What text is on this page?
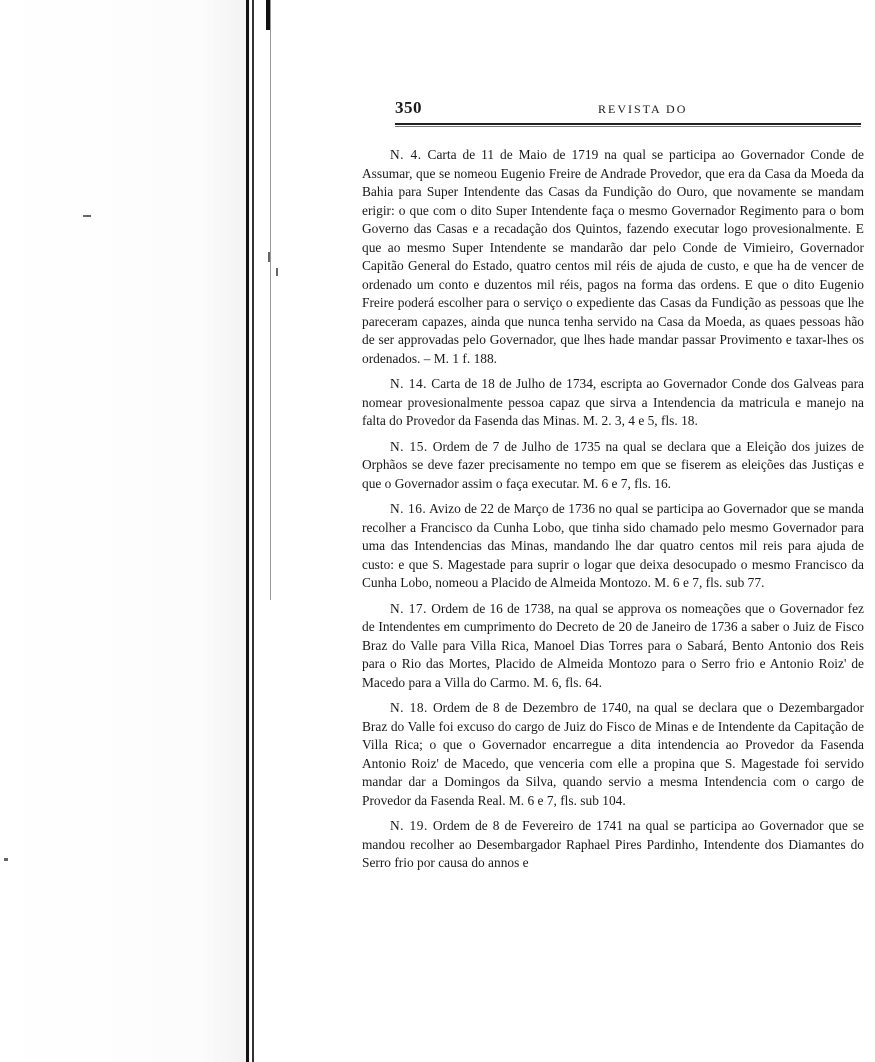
350	REVISTA DO

N. 4. Carta de 11 de Maio de 1719 na qual se participa ao Governador Conde de Assumar, que se nomeou Eugenio Freire de Andrade Provedor, que era da Casa da Moeda da Bahia para Super Intendente das Casas da Fundição do Ouro, que novamente se mandam erigir: o que com o dito Super Intendente faça o mesmo Governador Regimento para o bom Governo das Casas e a recadação dos Quintos, fazendo executar logo provesionalmente. E que ao mesmo Super Intendente se mandarão dar pelo Conde de Vimieiro, Governador Capitão General do Estado, quatro centos mil réis de ajuda de custo, e que ha de vencer de ordenado um conto e duzentos mil réis, pagos na forma das ordens. E que o dito Eugenio Freire poderá escolher para o serviço o expediente das Casas da Fundição as pessoas que lhe pareceram capazes, ainda que nunca tenha servido na Casa da Moeda, as quaes pessoas hão de ser approvadas pelo Governador, que lhes hade mandar passar Provimento e taxar-lhes os ordenados. – M. 1 f. 188.

N. 14. Carta de 18 de Julho de 1734, escripta ao Governador Conde dos Galveas para nomear provesionalmente pessoa capaz que sirva a Intendencia da matricula e manejo na falta do Provedor da Fasenda das Minas. M. 2. 3, 4 e 5, fls. 18.

N. 15. Ordem de 7 de Julho de 1735 na qual se declara que a Eleição dos juizes de Orphãos se deve fazer precisamente no tempo em que se fiserem as eleições das Justiças e que o Governador assim o faça executar. M. 6 e 7, fls. 16.

N. 16. Avizo de 22 de Março de 1736 no qual se participa ao Governador que se manda recolher a Francisco da Cunha Lobo, que tinha sido chamado pelo mesmo Governador para uma das Intendencias das Minas, mandando lhe dar quatro centos mil reis para ajuda de custo: e que S. Magestade para suprir o logar que deixa desocupado o mesmo Francisco da Cunha Lobo, nomeou a Placido de Almeida Montozo. M. 6 e 7, fls. sub 77.

N. 17. Ordem de 16 de 1738, na qual se approva os nomeações que o Governador fez de Intendentes em cumprimento do Decreto de 20 de Janeiro de 1736 a saber o Juiz de Fisco Braz do Valle para Villa Rica, Manoel Dias Torres para o Sabará, Bento Antonio dos Reis para o Rio das Mortes, Placido de Almeida Montozo para o Serro frio e Antonio Roiz' de Macedo para a Villa do Carmo. M. 6, fls. 64.

N. 18. Ordem de 8 de Dezembro de 1740, na qual se declara que o Dezembargador Braz do Valle foi excuso do cargo de Juiz do Fisco de Minas e de Intendente da Capitação de Villa Rica; o que o Governador encarregue a dita intendencia ao Provedor da Fasenda Antonio Roiz' de Macedo, que venceria com elle a propina que S. Magestade foi servido mandar dar a Domingos da Silva, quando servio a mesma Intendencia com o cargo de Provedor da Fasenda Real. M. 6 e 7, fls. sub 104.

N. 19. Ordem de 8 de Fevereiro de 1741 na qual se participa ao Governador que se mandou recolher ao Desembargador Raphael Pires Pardinho, Intendente dos Diamantes do Serro frio por causa do annos e
